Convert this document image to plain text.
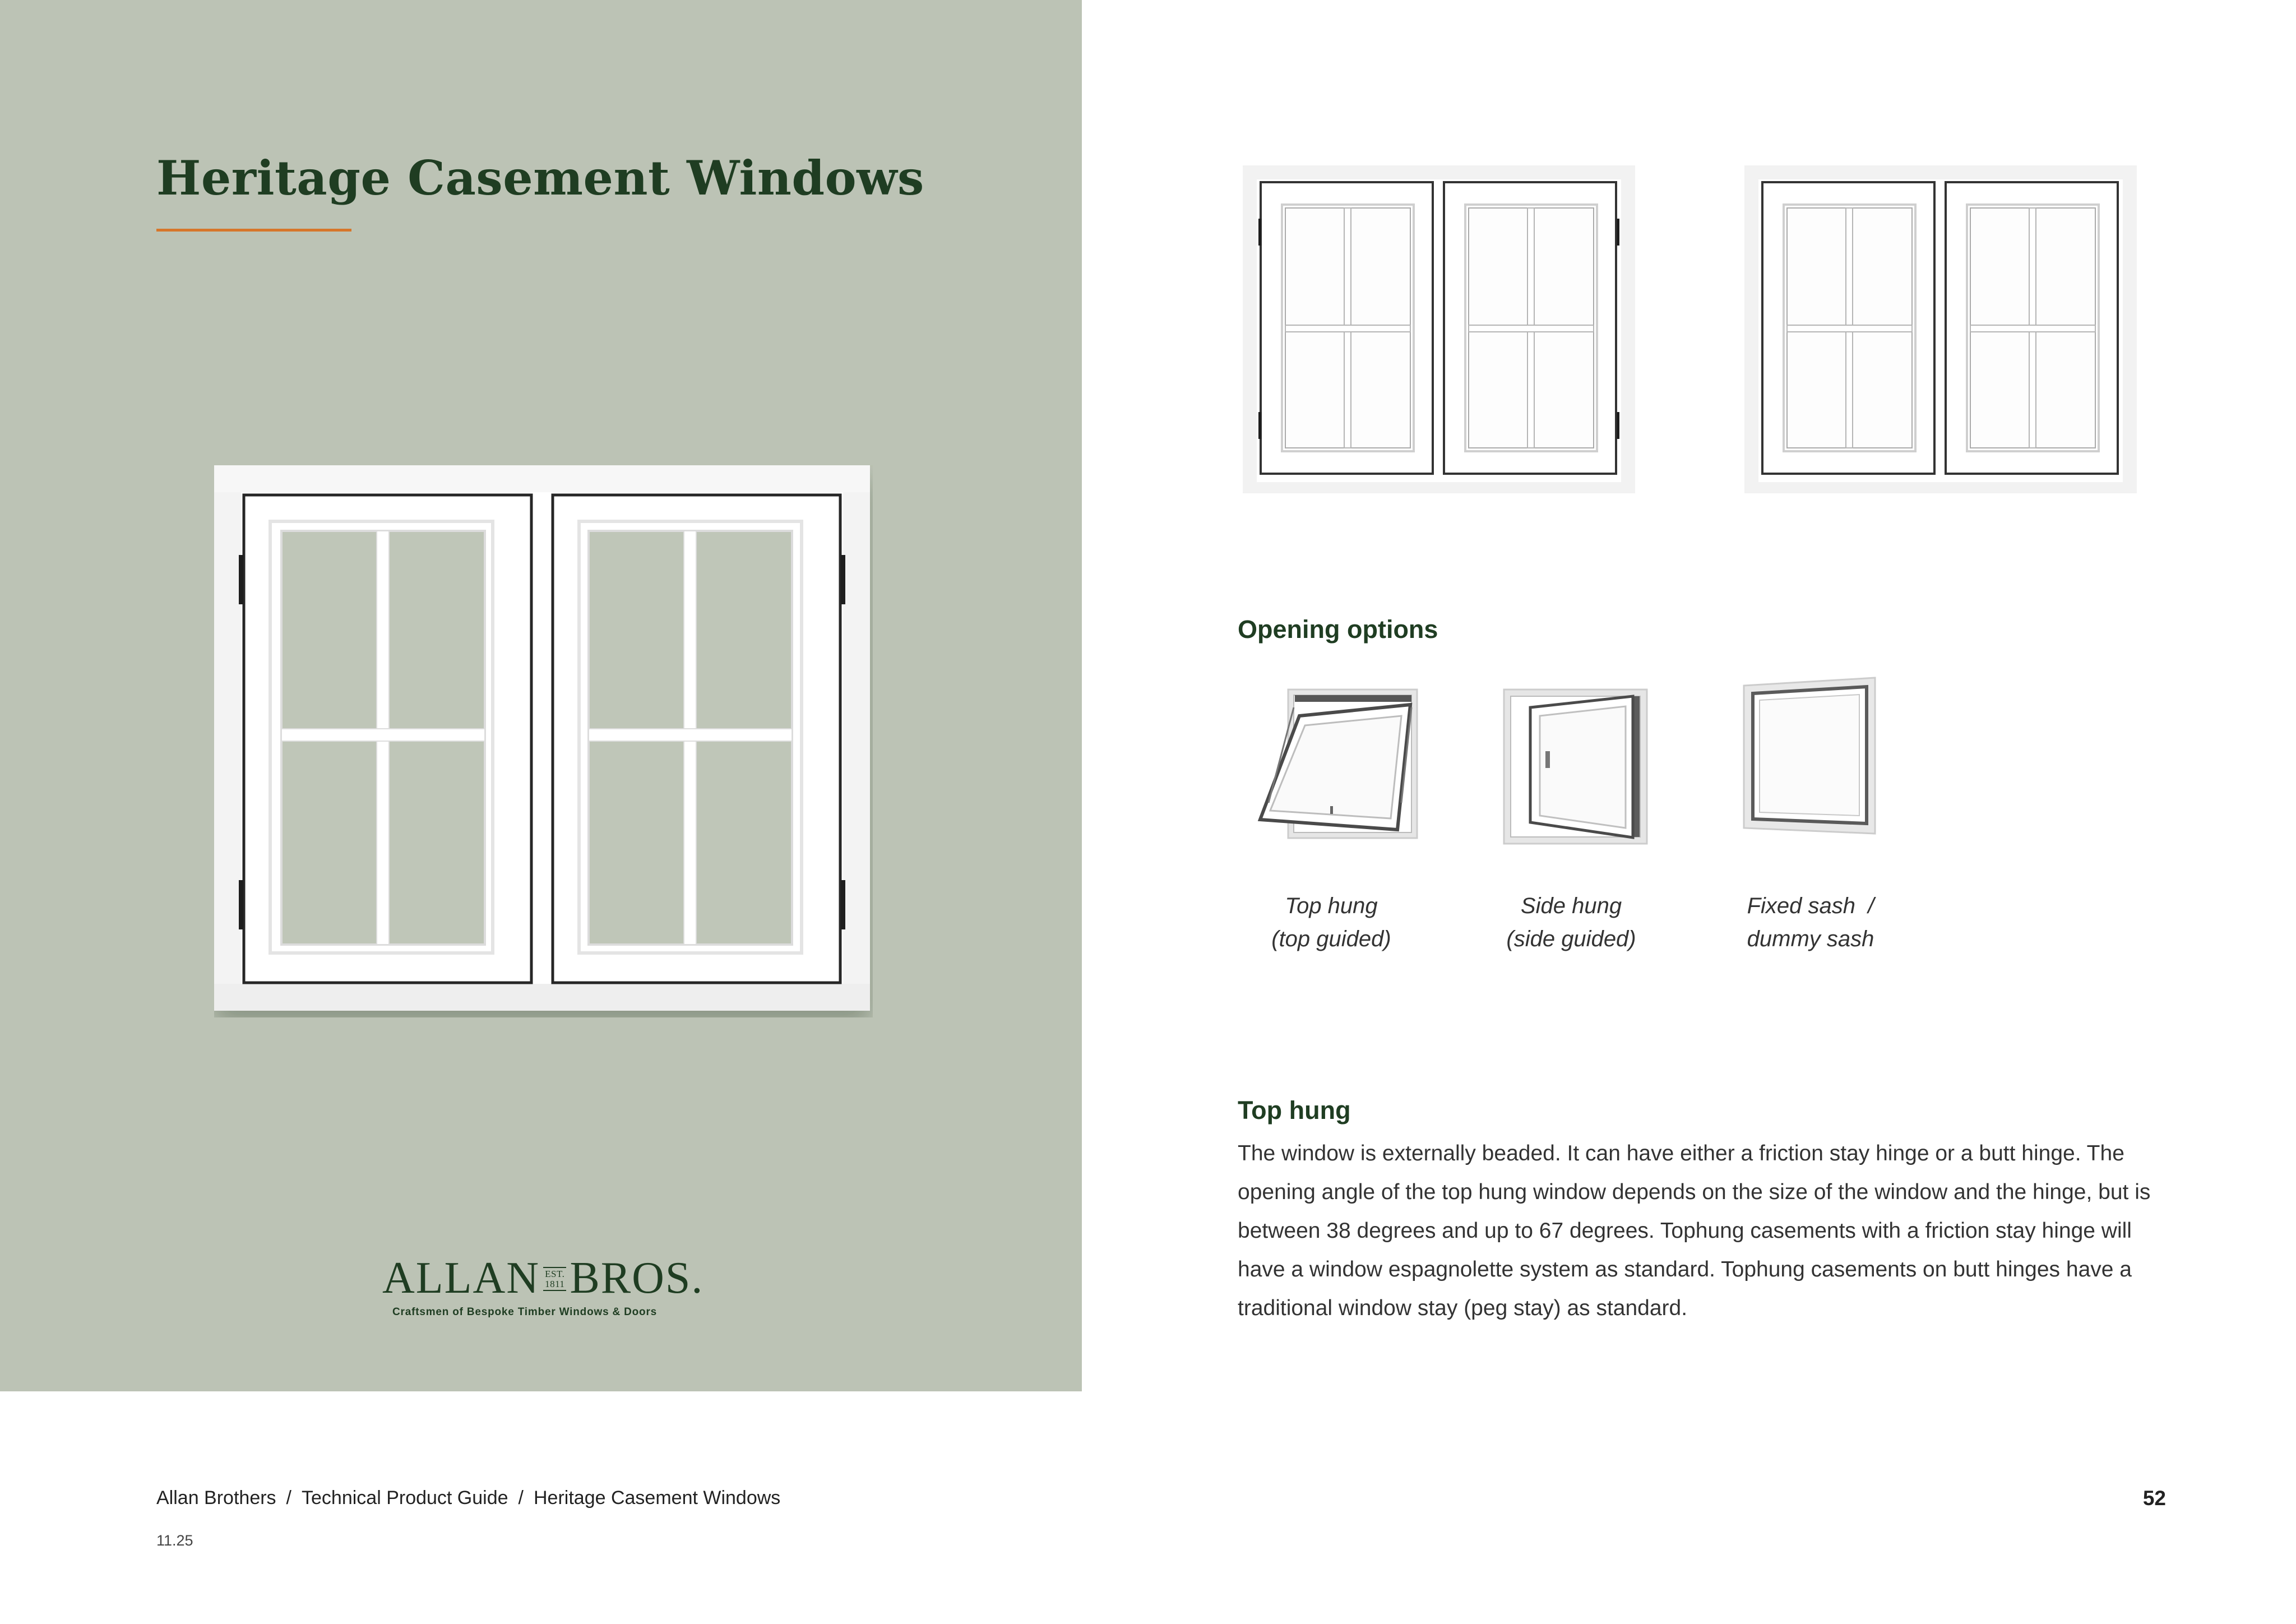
Heritage Casement Windows
ALLAN EST.
1811 BROS.
Craftsmen of Bespoke Timber Windows & Doors
Opening options
Top hung
(top guided)
Side hung
(side guided)
Fixed sash  /
dummy sash
Top hung

The window is externally beaded. It can have either a friction stay hinge or a butt hinge. The opening angle of the top hung window depends on the size of the window and the hinge, but is between 38 degrees and up to 67 degrees. Tophung casements with a friction stay hinge will have a window espagnolette system as standard. Tophung casements on butt hinges have a traditional window stay (peg stay) as standard.

Allan Brothers / Technical Product Guide / Heritage Casement Windows
11.25
52
